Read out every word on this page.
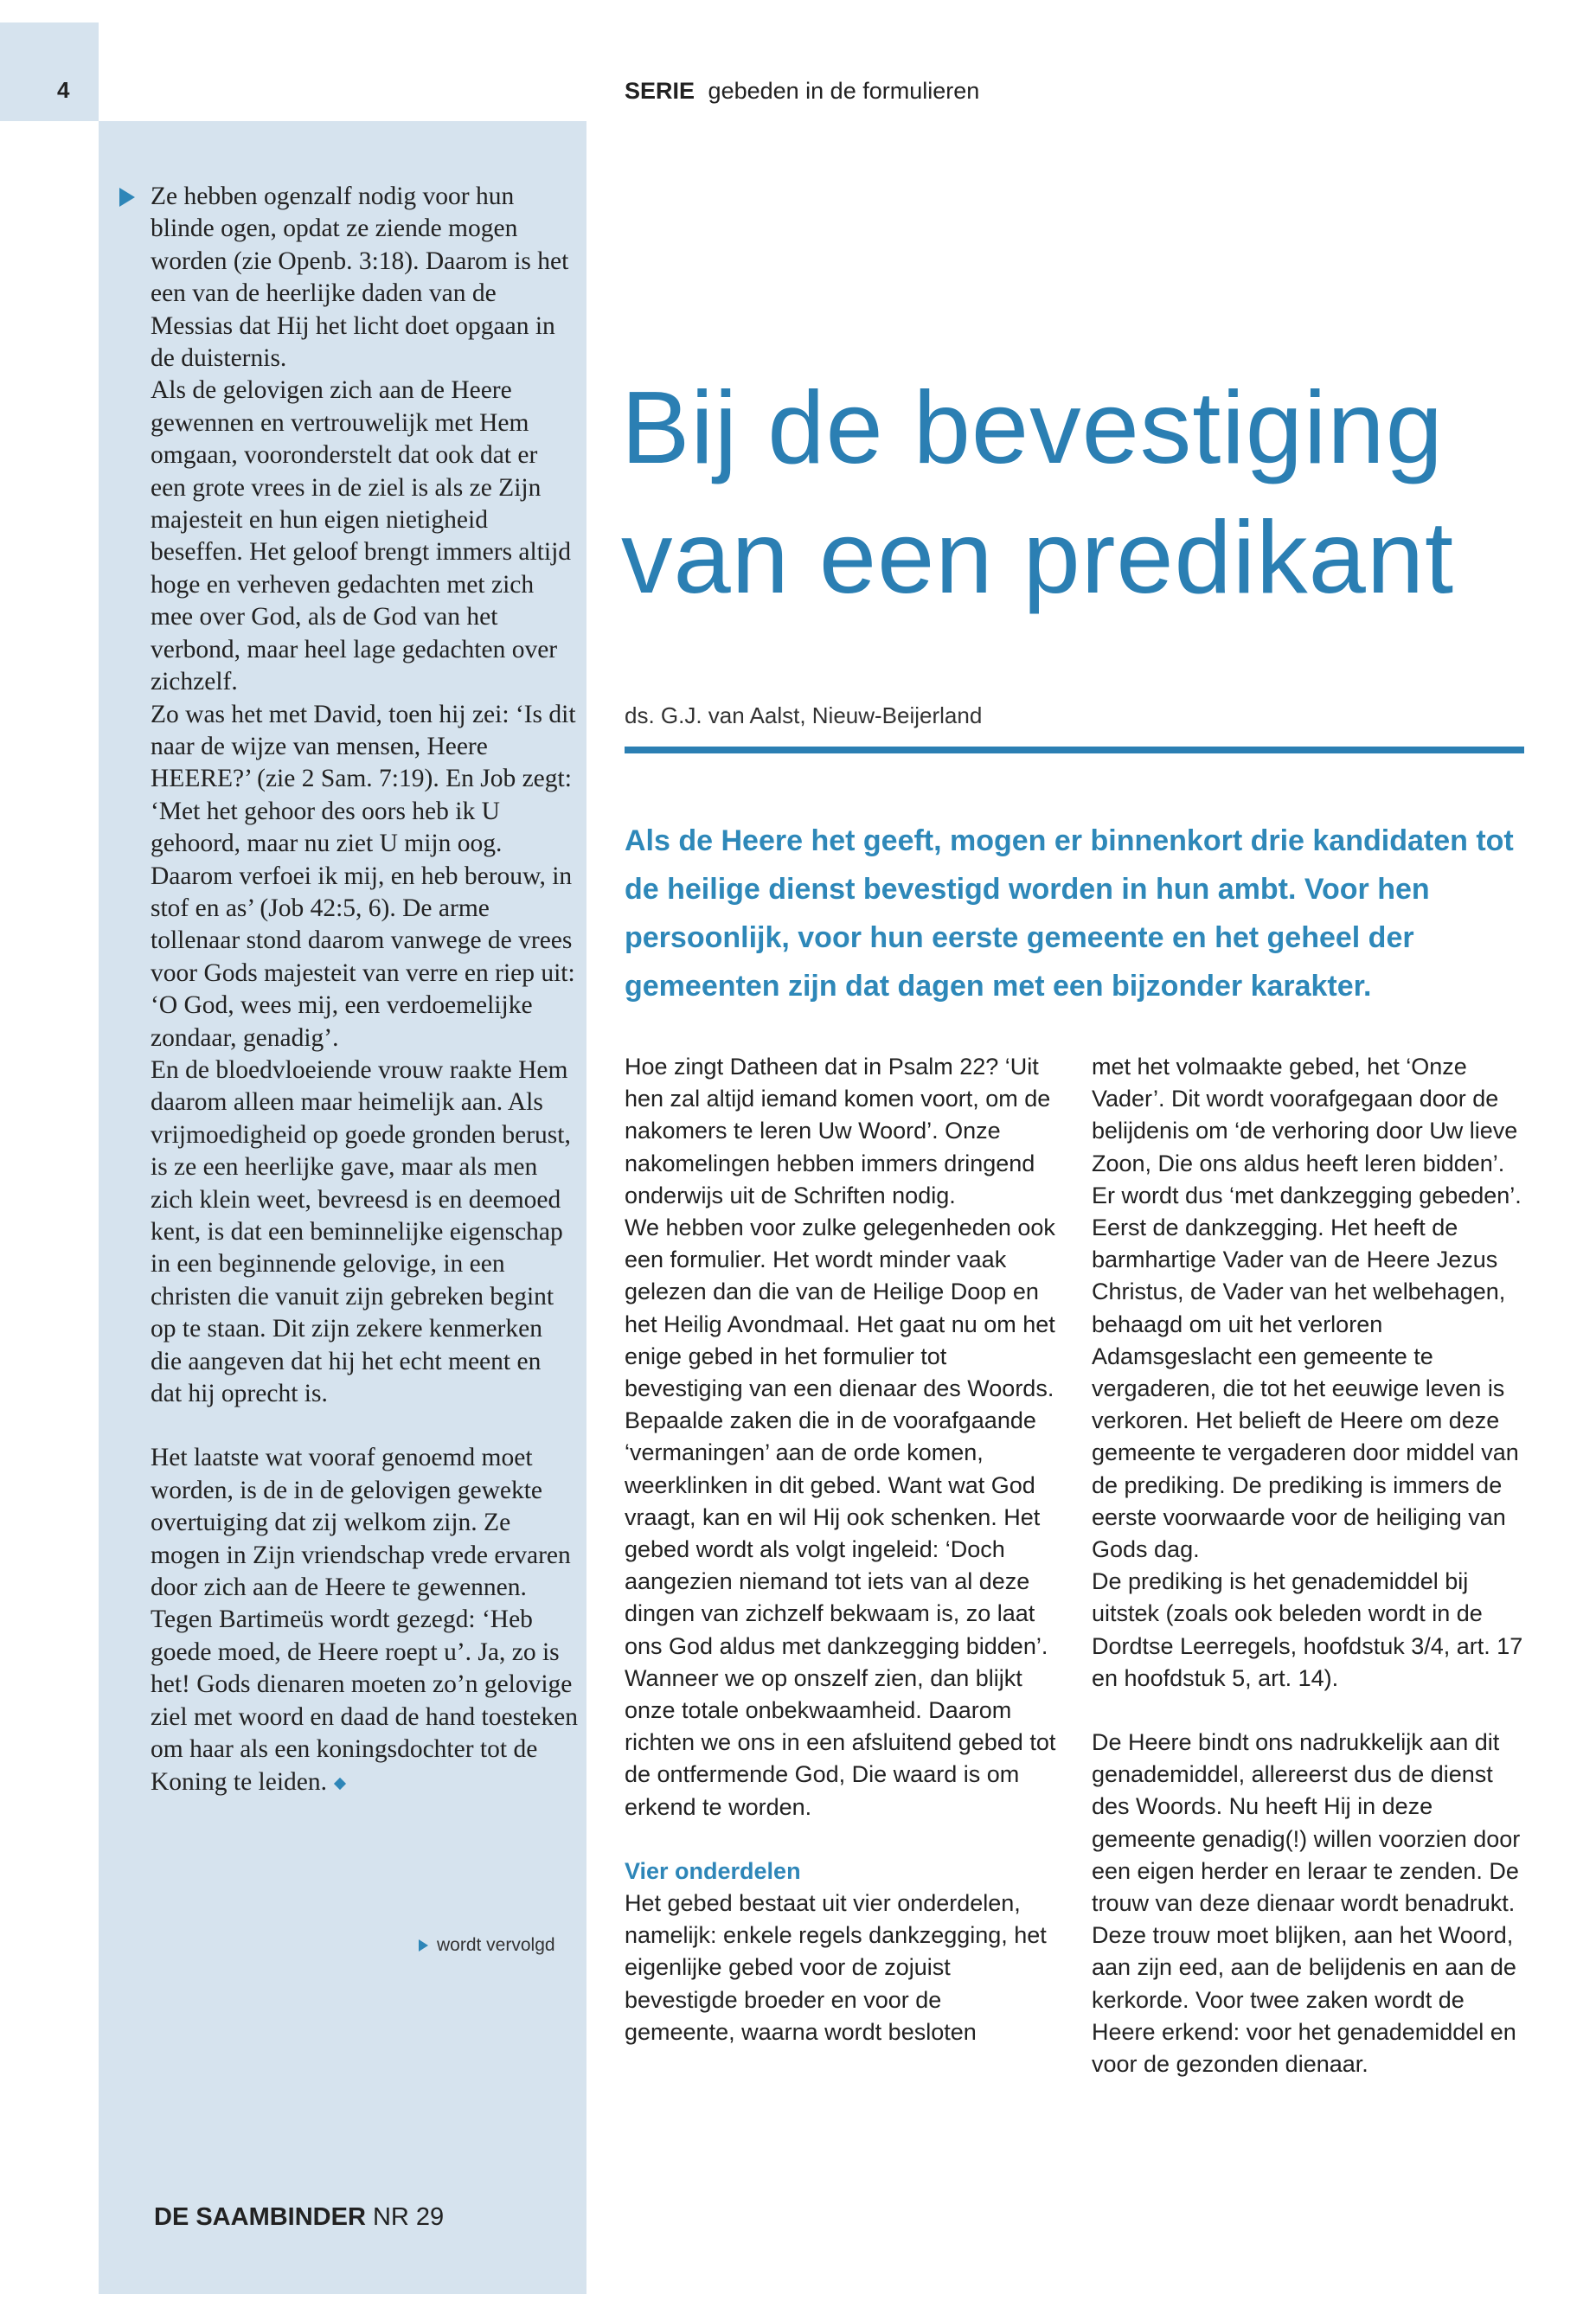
4	SERIE gebeden in de formulieren

Ze hebben ogenzalf nodig voor hun blinde ogen, opdat ze ziende mogen worden (zie Openb. 3:18). Daarom is het een van de heerlijke daden van de Messias dat Hij het licht doet opgaan in de duisternis.

Als de gelovigen zich aan de Heere gewennen en vertrouwelijk met Hem omgaan, vooronderstelt dat ook dat er een grote vrees in de ziel is als ze Zijn majesteit en hun eigen nietigheid beseffen. Het geloof brengt immers altijd hoge en verheven gedachten met zich mee over God, als de God van het verbond, maar heel lage gedachten over zichzelf.

Zo was het met David, toen hij zei: ‘Is dit naar de wijze van mensen, Heere HEERE?’ (zie 2 Sam. 7:19). En Job zegt: ‘Met het gehoor des oors heb ik U gehoord, maar nu ziet U mijn oog. Daarom verfoei ik mij, en heb berouw, in stof en as’ (Job 42:5, 6). De arme tollenaar stond daarom vanwege de vrees voor Gods majesteit van verre en riep uit: ‘O God, wees mij, een verdoemelijke zondaar, genadig’.

En de bloedvloeiende vrouw raakte Hem daarom alleen maar heimelijk aan. Als vrijmoedigheid op goede gronden berust, is ze een heerlijke gave, maar als men zich klein weet, bevreesd is en deemoed kent, is dat een beminnelijke eigenschap in een beginnende gelovige, in een christen die vanuit zijn gebreken begint op te staan. Dit zijn zekere kenmerken die aangeven dat hij het echt meent en dat hij oprecht is.

Het laatste wat vooraf genoemd moet worden, is de in de gelovigen gewekte overtuiging dat zij welkom zijn. Ze mogen in Zijn vriendschap vrede ervaren door zich aan de Heere te gewennen. Tegen Bartimeüs wordt gezegd: ‘Heb goede moed, de Heere roept u’. Ja, zo is het! Gods dienaren moeten zo’n gelovige ziel met woord en daad de hand toesteken om haar als een koningsdochter tot de Koning te leiden.

wordt vervolgd
DE SAAMBINDER NR 29
Bij de bevestiging
van een predikant
ds. G.J. van Aalst, Nieuw-Beijerland
Als de Heere het geeft, mogen er binnenkort drie kandidaten tot de heilige dienst bevestigd worden in hun ambt. Voor hen persoonlijk, voor hun eerste gemeente en het geheel der gemeenten zijn dat dagen met een bijzonder karakter.

Hoe zingt Datheen dat in Psalm 22? ‘Uit hen zal altijd iemand komen voort, om de nakomers te leren Uw Woord’. Onze nakomelingen hebben immers dringend onderwijs uit de Schriften nodig.

We hebben voor zulke gelegenheden ook een formulier. Het wordt minder vaak gelezen dan die van de Heilige Doop en het Heilig Avondmaal. Het gaat nu om het enige gebed in het formulier tot bevestiging van een dienaar des Woords.

Bepaalde zaken die in de voorafgaande ‘vermaningen’ aan de orde komen, weerklinken in dit gebed. Want wat God vraagt, kan en wil Hij ook schenken. Het gebed wordt als volgt ingeleid: ‘Doch aangezien niemand tot iets van al deze dingen van zichzelf bekwaam is, zo laat ons God aldus met dankzegging bidden’. Wanneer we op onszelf zien, dan blijkt onze totale onbekwaamheid. Daarom richten we ons in een afsluitend gebed tot de ontfermende God, Die waard is om erkend te worden.

Vier onderdelen

Het gebed bestaat uit vier onderdelen, namelijk: enkele regels dankzegging, het eigenlijke gebed voor de zojuist bevestigde broeder en voor de gemeente, waarna wordt besloten

met het volmaakte gebed, het ‘Onze Vader’. Dit wordt voorafgegaan door de belijdenis om ‘de verhoring door Uw lieve Zoon, Die ons aldus heeft leren bidden’.

Er wordt dus ‘met dankzegging gebeden’. Eerst de dankzegging. Het heeft de barmhartige Vader van de Heere Jezus Christus, de Vader van het welbehagen, behaagd om uit het verloren Adamsgeslacht een gemeente te vergaderen, die tot het eeuwige leven is verkoren. Het belieft de Heere om deze gemeente te vergaderen door middel van de prediking. De prediking is immers de eerste voorwaarde voor de heiliging van Gods dag.

De prediking is het genademiddel bij uitstek (zoals ook beleden wordt in de Dordtse Leerregels, hoofdstuk 3/4, art. 17 en hoofdstuk 5, art. 14).

De Heere bindt ons nadrukkelijk aan dit genademiddel, allereerst dus de dienst des Woords. Nu heeft Hij in deze gemeente genadig(!) willen voorzien door een eigen herder en leraar te zenden. De trouw van deze dienaar wordt benadrukt. Deze trouw moet blijken, aan het Woord, aan zijn eed, aan de belijdenis en aan de kerkorde. Voor twee zaken wordt de Heere erkend: voor het genademiddel en voor de gezonden dienaar.
